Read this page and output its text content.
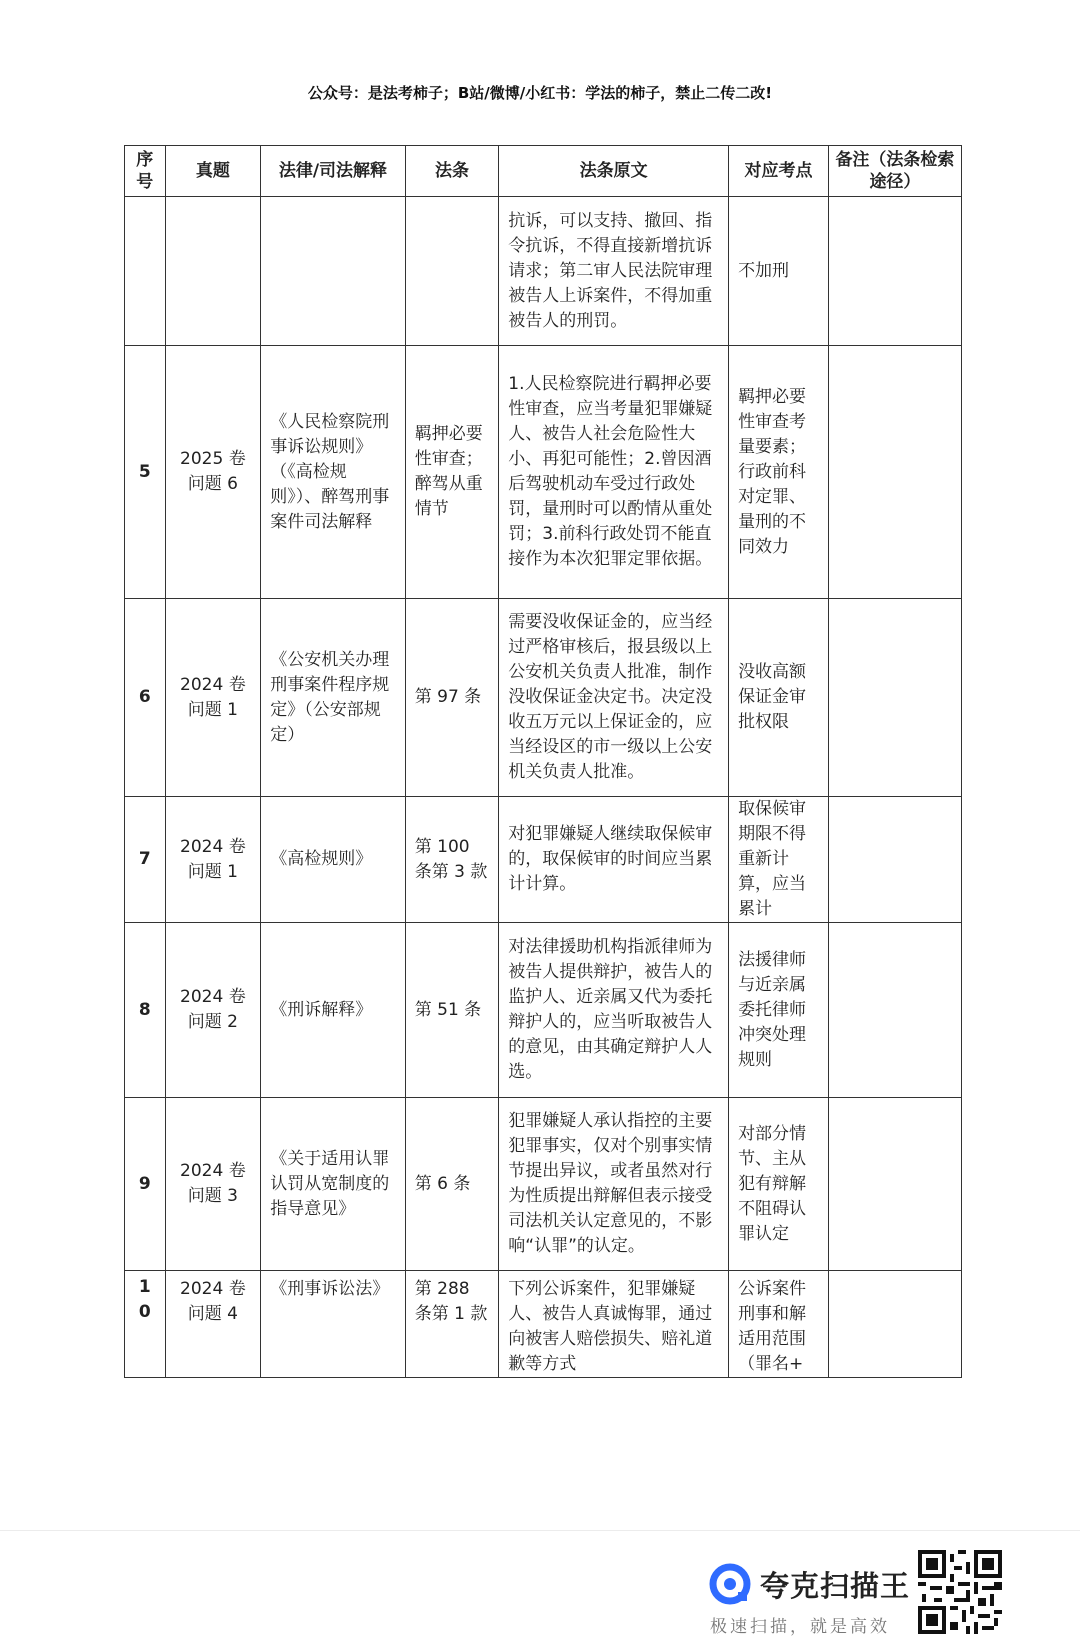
公众号：是法考柿子；B站/微博/小红书：学法的柿子，禁止二传二改!
序号	真题	法律/司法解释	法条	法条原文	对应考点	备注（法条检索途径）
				抗诉，可以支持、撤回、指令抗诉，不得直接新增抗诉请求；第二审人民法院审理被告人上诉案件，不得加重被告人的刑罚。	不加刑	
5	2025 卷问题 6	《人民检察院刑事诉讼规则》（《高检规则》）、醉驾刑事案件司法解释	羁押必要性审查；醉驾从重情节	1.人民检察院进行羁押必要性审查，应当考量犯罪嫌疑人、被告人社会危险性大小、再犯可能性；2.曾因酒后驾驶机动车受过行政处罚，量刑时可以酌情从重处罚；3.前科行政处罚不能直接作为本次犯罪定罪依据。	羁押必要性审查考量要素；行政前科对定罪、量刑的不同效力	
6	2024 卷问题 1	《公安机关办理刑事案件程序规定》（公安部规定）	第 97 条	需要没收保证金的，应当经过严格审核后，报县级以上公安机关负责人批准，制作没收保证金决定书。决定没收五万元以上保证金的，应当经设区的市一级以上公安机关负责人批准。	没收高额保证金审批权限	
7	2024 卷问题 1	《高检规则》	第 100 条第 3 款	对犯罪嫌疑人继续取保候审的，取保候审的时间应当累计计算。	取保候审期限不得重新计算，应当累计	
8	2024 卷问题 2	《刑诉解释》	第 51 条	对法律援助机构指派律师为被告人提供辩护，被告人的监护人、近亲属又代为委托辩护人的，应当听取被告人的意见，由其确定辩护人人选。	法援律师与近亲属委托律师冲突处理规则	
9	2024 卷问题 3	《关于适用认罪认罚从宽制度的指导意见》	第 6 条	犯罪嫌疑人承认指控的主要犯罪事实，仅对个别事实情节提出异议，或者虽然对行为性质提出辩解但表示接受司法机关认定意见的，不影响“认罪”的认定。	对部分情节、主从犯有辩解不阻碍认罪认定	
10	2024 卷问题 4	《刑事诉讼法》	第 288 条第 1 款	下列公诉案件，犯罪嫌疑人、被告人真诚悔罪，通过向被害人赔偿损失、赔礼道歉等方式	公诉案件刑事和解适用范围（罪名+	
夸克扫描王
极速扫描，就是高效
